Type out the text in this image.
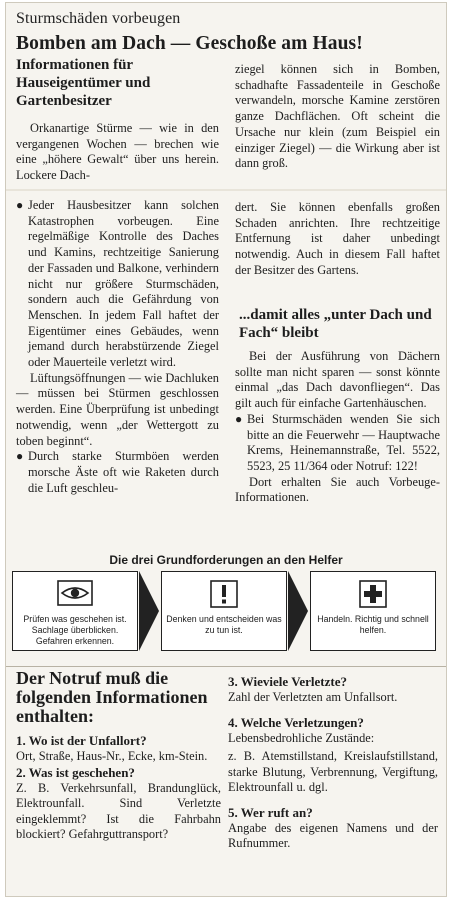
Sturmschäden vorbeugen
Bomben am Dach — Geschoße am Haus!
Informationen für Hauseigentümer und Gartenbesitzer

Orkanartige Stürme — wie in den vergangenen Wochen — brechen wie eine „höhere Gewalt“ über uns herein. Lockere Dach-

ziegel können sich in Bomben, schadhafte Fassadenteile in Geschoße verwandeln, morsche Kamine zerstören ganze Dachflächen. Oft scheint die Ursache nur klein (zum Beispiel ein einziger Ziegel) — die Wirkung aber ist dann groß.

● Jeder Hausbesitzer kann solchen Katastrophen vorbeugen. Eine regelmäßige Kontrolle des Daches und Kamins, rechtzeitige Sanierung der Fassaden und Balkone, verhindern nicht nur größere Sturmschäden, sondern auch die Gefährdung von Menschen. In jedem Fall haftet der Eigentümer eines Gebäudes, wenn jemand durch herabstürzende Ziegel oder Mauerteile verletzt wird.

Lüftungsöffnungen — wie Dachluken — müssen bei Stürmen geschlossen werden. Eine Überprüfung ist unbedingt notwendig, wenn „der Wettergott zu toben beginnt“.

● Durch starke Sturmböen werden morsche Äste oft wie Raketen durch die Luft geschleu-

dert. Sie können ebenfalls großen Schaden anrichten. Ihre rechtzeitige Entfernung ist daher unbedingt notwendig. Auch in diesem Fall haftet der Besitzer des Gartens.

...damit alles „unter Dach und Fach“ bleibt

Bei der Ausführung von Dächern sollte man nicht sparen — sonst könnte einmal „das Dach davonfliegen“. Das gilt auch für einfache Gartenhäuschen.

● Bei Sturmschäden wenden Sie sich bitte an die Feuerwehr — Hauptwache Krems, Heinemannstraße, Tel. 5522, 5523, 25 11/364 oder Notruf: 122!

Dort erhalten Sie auch Vorbeuge-Informationen.

Die drei Grundforderungen an den Helfer
Prüfen was geschehen ist. Sachlage überblicken. Gefahren erkennen.
Denken und entscheiden was zu tun ist.
Handeln. Richtig und schnell helfen.
Der Notruf muß die folgenden Informationen enthalten:
1. Wo ist der Unfallort?
Ort, Straße, Haus-Nr., Ecke, km-Stein.
2. Was ist geschehen?
Z. B. Verkehrsunfall, Brandunglück, Elektrounfall. Sind Verletzte eingeklemmt? Ist die Fahrbahn blockiert? Gefahrguttransport?
3. Wieviele Verletzte?
Zahl der Verletzten am Unfallsort.
4. Welche Verletzungen?
Lebensbedrohliche Zustände:
z. B. Atemstillstand, Kreislaufstillstand, starke Blutung, Verbrennung, Vergiftung, Elektrounfall u. dgl.
5. Wer ruft an?
Angabe des eigenen Namens und der Rufnummer.
